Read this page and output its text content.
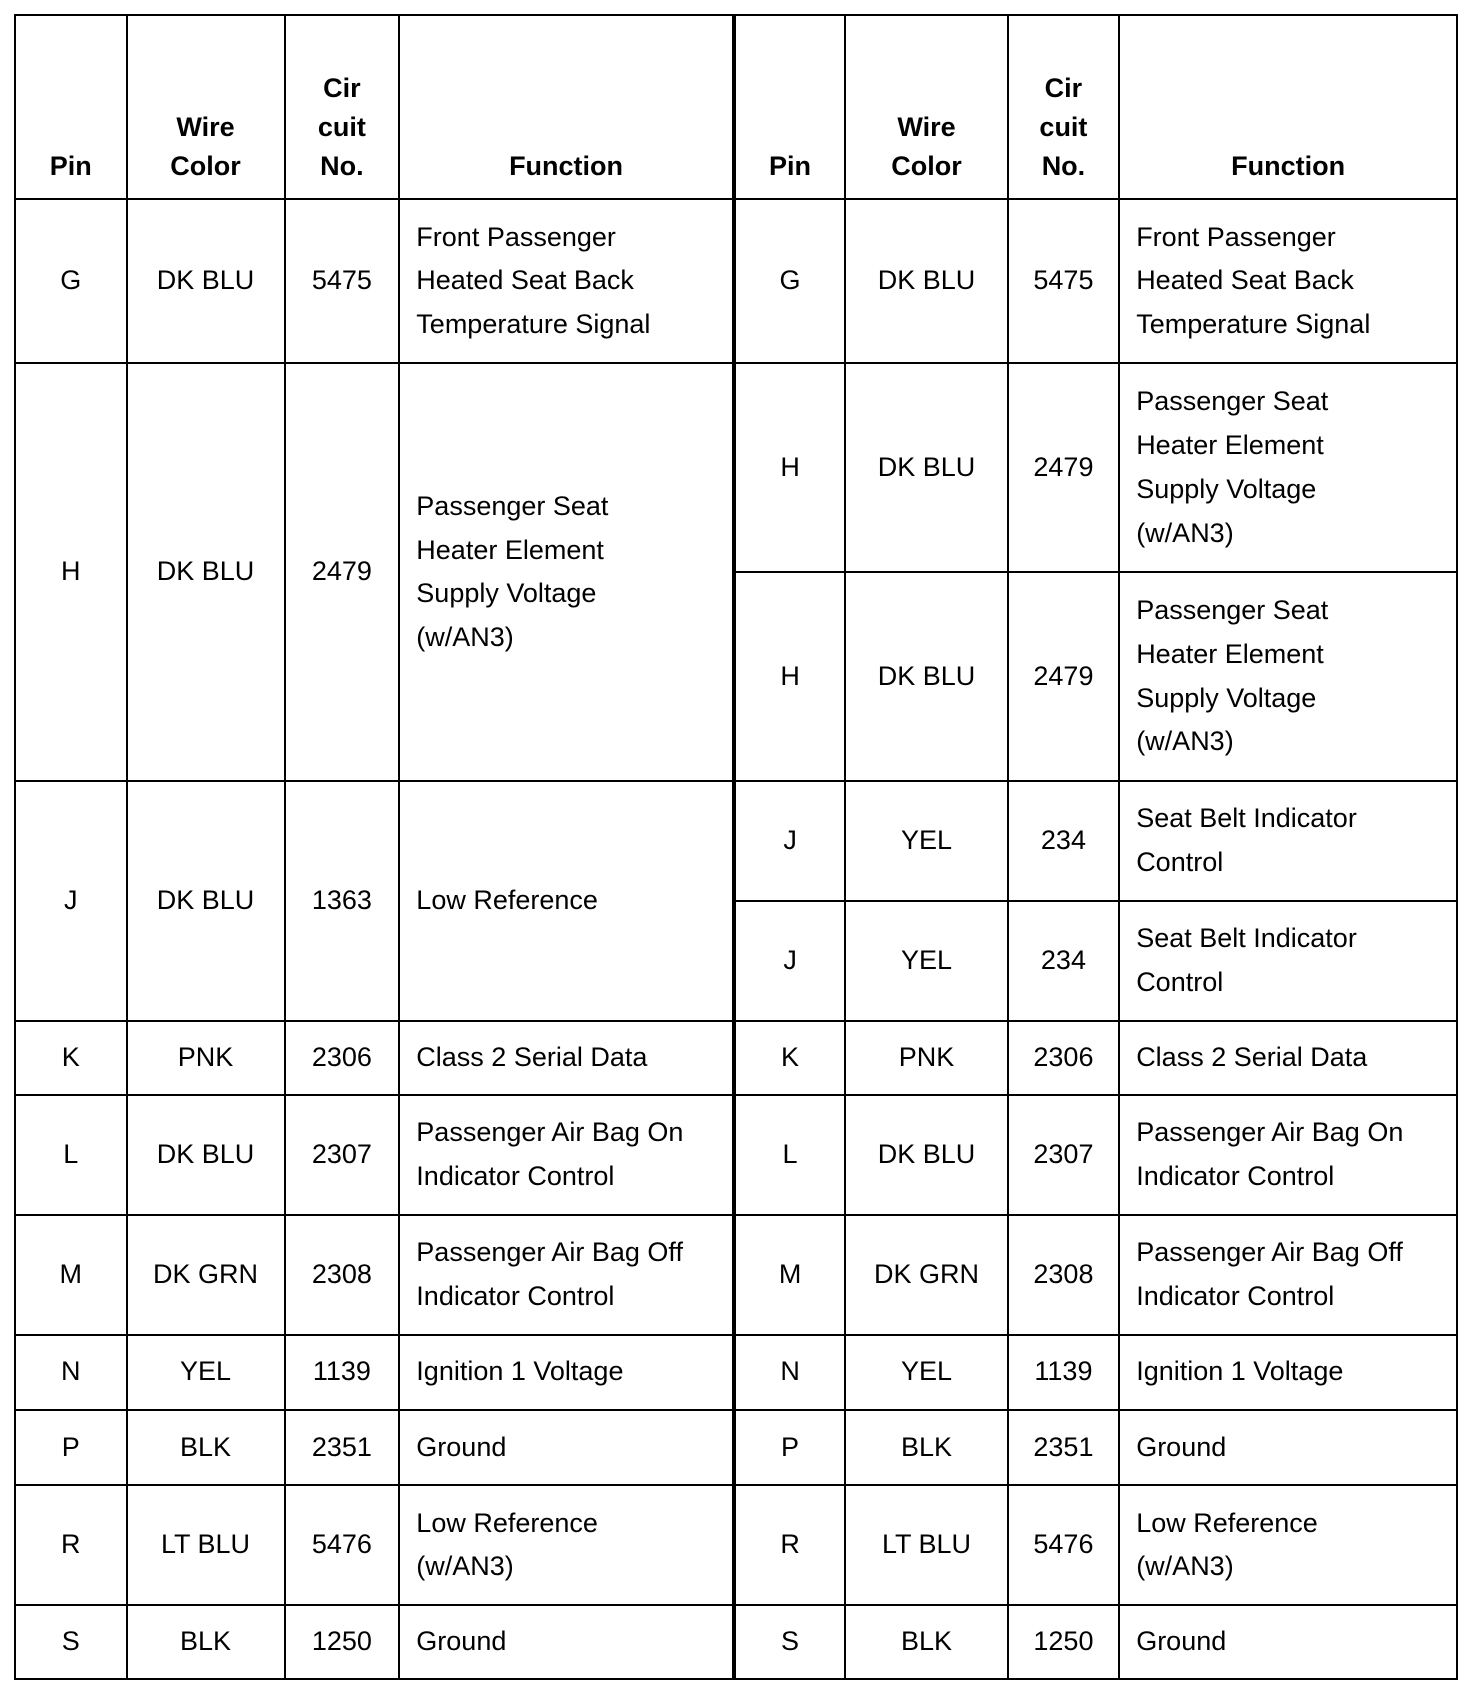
Pin	Wire
Color	Cir
cuit
No.	Function	Pin	Wire
Color	Cir
cuit
No.	Function

G	DK BLU	5475	Front Passenger
Heated Seat Back
Temperature Signal	G	DK BLU	5475	Front Passenger
Heated Seat Back
Temperature Signal

H	DK BLU	2479	Passenger Seat
Heater Element
Supply Voltage
(w/AN3)	H	DK BLU	2479	Passenger Seat
Heater Element
Supply Voltage
(w/AN3)

				H	DK BLU	2479	Passenger Seat
Heater Element
Supply Voltage
(w/AN3)

J	DK BLU	1363	Low Reference	J	YEL	234	Seat Belt Indicator
Control

				J	YEL	234	Seat Belt Indicator
Control

K	PNK	2306	Class 2 Serial Data	K	PNK	2306	Class 2 Serial Data

L	DK BLU	2307	Passenger Air Bag On
Indicator Control	L	DK BLU	2307	Passenger Air Bag On
Indicator Control

M	DK GRN	2308	Passenger Air Bag Off
Indicator Control	M	DK GRN	2308	Passenger Air Bag Off
Indicator Control

N	YEL	1139	Ignition 1 Voltage	N	YEL	1139	Ignition 1 Voltage

P	BLK	2351	Ground	P	BLK	2351	Ground

R	LT BLU	5476	Low Reference
(w/AN3)	R	LT BLU	5476	Low Reference
(w/AN3)

S	BLK	1250	Ground	S	BLK	1250	Ground
